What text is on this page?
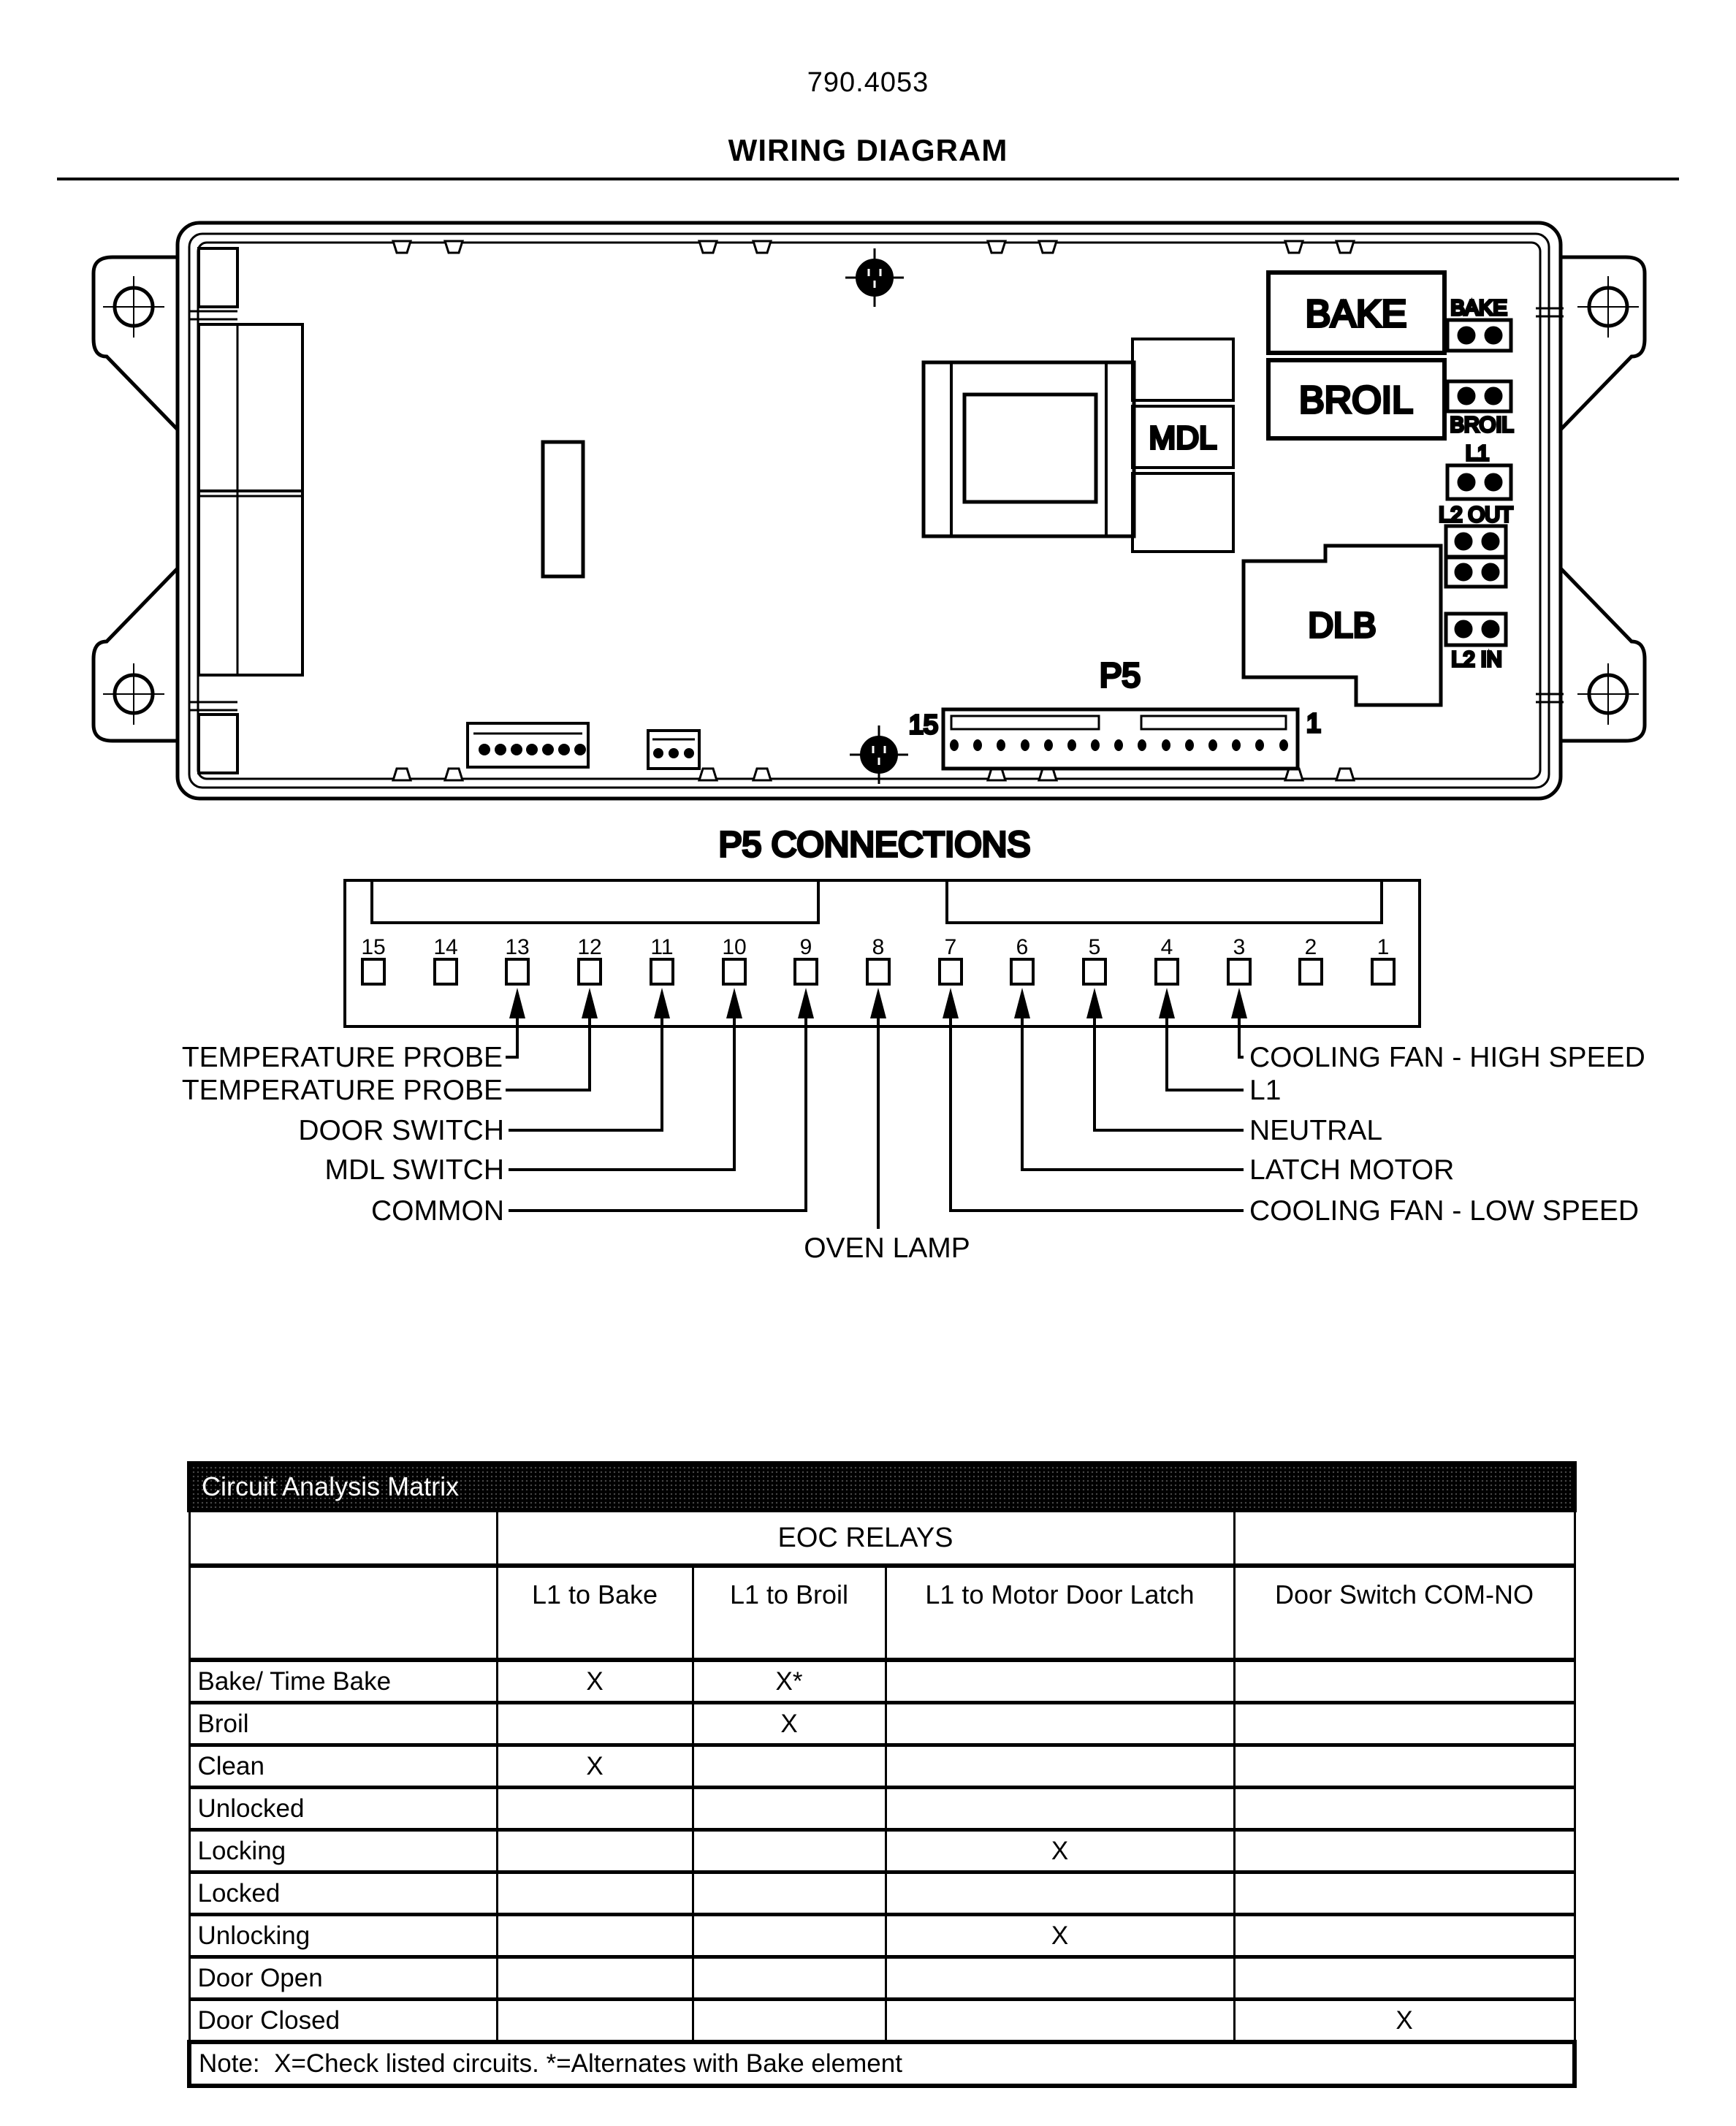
790.4053
WIRING DIAGRAM
MDL
BAKE
BROIL
BAKE
BROIL
L1
L2 OUT
L2 IN
DLB
P5
15	1
P5 CONNECTIONS
15 14 13 12 11 10 9	8	7	6	5	4	3	2	1
TEMPERATURE PROBE
TEMPERATURE PROBE
DOOR SWITCH
MDL SWITCH
COMMON
OVEN LAMP
COOLING FAN - HIGH SPEED
L1
NEUTRAL
LATCH MOTOR
COOLING FAN - LOW SPEED
Circuit Analysis Matrix				
	EOC RELAYS			
	L1 to Bake	L1 to Broil	L1 to Motor Door Latch	Door Switch COM-NO
Bake/ Time Bake	X	X*		
Broil		X		
Clean	X			
Unlocked				
Locking			X	
Locked				
Unlocking			X	
Door Open				
Door Closed				X
Note:  X=Check listed circuits. *=Alternates with Bake element				
